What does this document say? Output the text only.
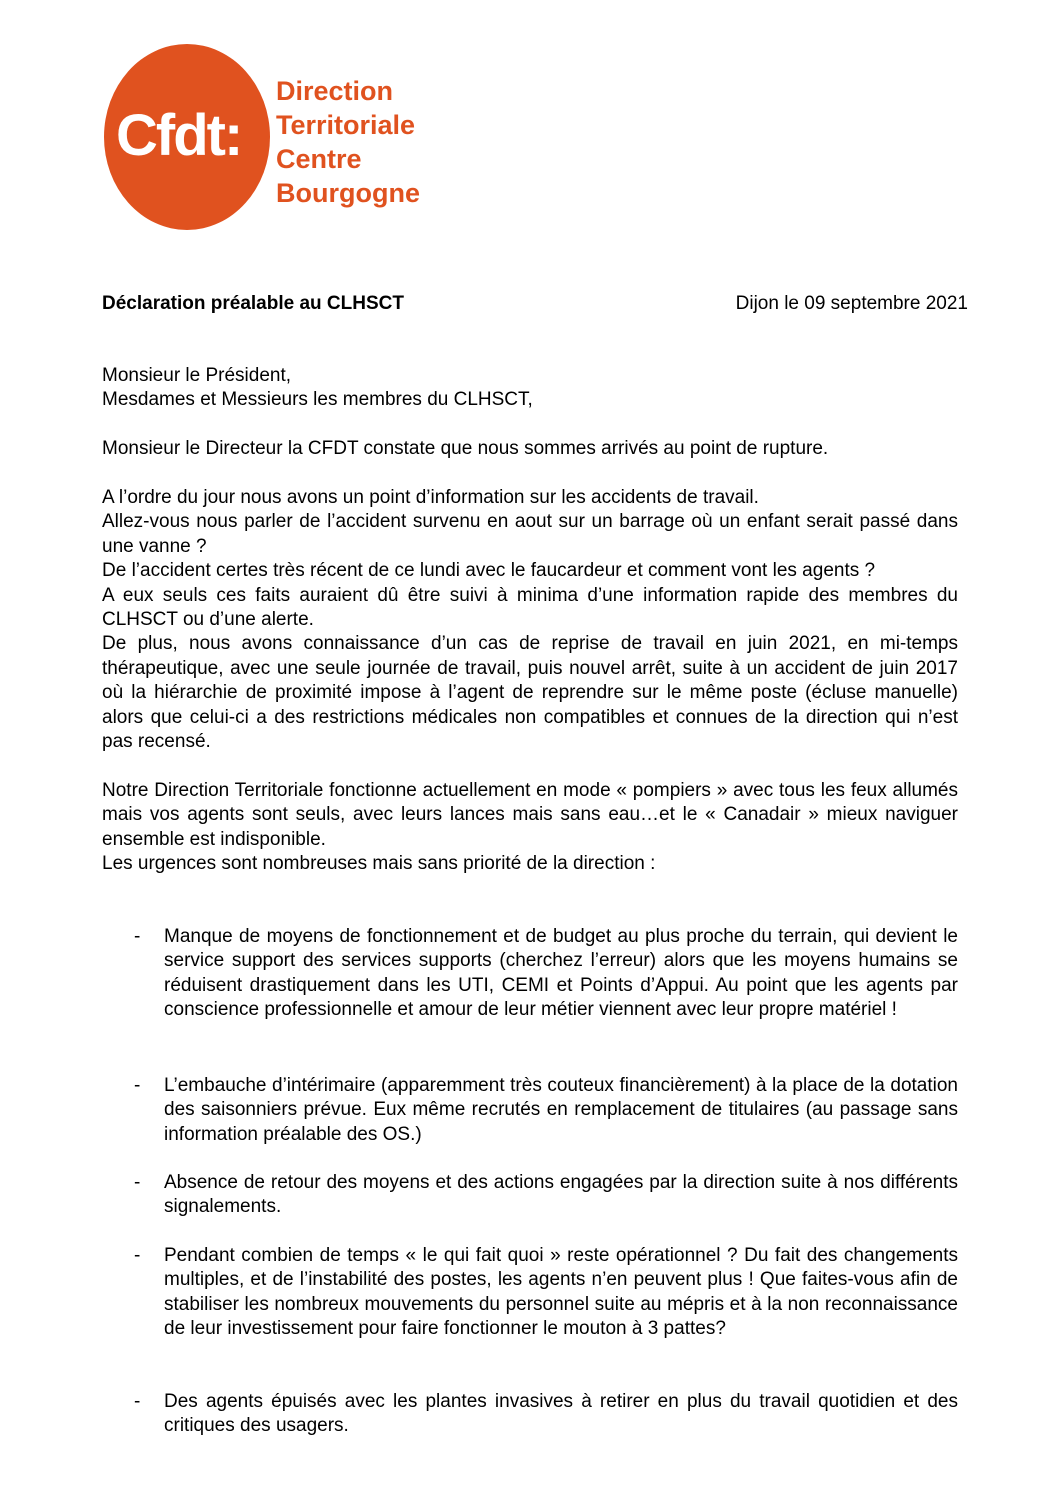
Cfdt:
Direction
Territoriale
Centre
Bourgogne
Déclaration préalable au CLHSCT	Dijon le 09 septembre 2021
Monsieur le Président,
Mesdames et Messieurs les membres du CLHSCT,

Monsieur le Directeur la CFDT constate que nous sommes arrivés au point de rupture.

A l’ordre du jour nous avons un point d’information sur les accidents de travail.

Allez-vous nous parler de l’accident survenu en aout sur un barrage où un enfant serait passé dans une vanne ?

De l’accident certes très récent de ce lundi avec le faucardeur et comment vont les agents ?

A eux seuls ces faits auraient dû être suivi à minima d’une information rapide des membres du CLHSCT ou d’une alerte.

De plus, nous avons connaissance d’un cas de reprise de travail en juin 2021, en mi-temps thérapeutique, avec une seule journée de travail, puis nouvel arrêt, suite à un accident de juin 2017 où la hiérarchie de proximité impose à l’agent de reprendre sur le même poste (écluse manuelle) alors que celui-ci a des restrictions médicales non compatibles et connues de la direction qui n’est pas recensé.

Notre Direction Territoriale fonctionne actuellement en mode « pompiers » avec tous les feux allumés mais vos agents sont seuls, avec leurs lances mais sans eau…et le « Canadair » mieux naviguer ensemble est indisponible.

Les urgences sont nombreuses mais sans priorité de la direction :

- Manque de moyens de fonctionnement et de budget au plus proche du terrain, qui devient le service support des services supports (cherchez l’erreur) alors que les moyens humains se réduisent drastiquement dans les UTI, CEMI et Points d’Appui. Au point que les agents par conscience professionnelle et amour de leur métier viennent avec leur propre matériel !
- L’embauche d’intérimaire (apparemment très couteux financièrement) à la place de la dotation des saisonniers prévue. Eux même recrutés en remplacement de titulaires (au passage sans information préalable des OS.)
- Absence de retour des moyens et des actions engagées par la direction suite à nos différents signalements.
- Pendant combien de temps « le qui fait quoi » reste opérationnel ? Du fait des changements multiples, et de l’instabilité des postes, les agents n’en peuvent plus ! Que faites-vous afin de stabiliser les nombreux mouvements du personnel suite au mépris et à la non reconnaissance de leur investissement pour faire fonctionner le mouton à 3 pattes?
- Des agents épuisés avec les plantes invasives à retirer en plus du travail quotidien et des critiques des usagers.
